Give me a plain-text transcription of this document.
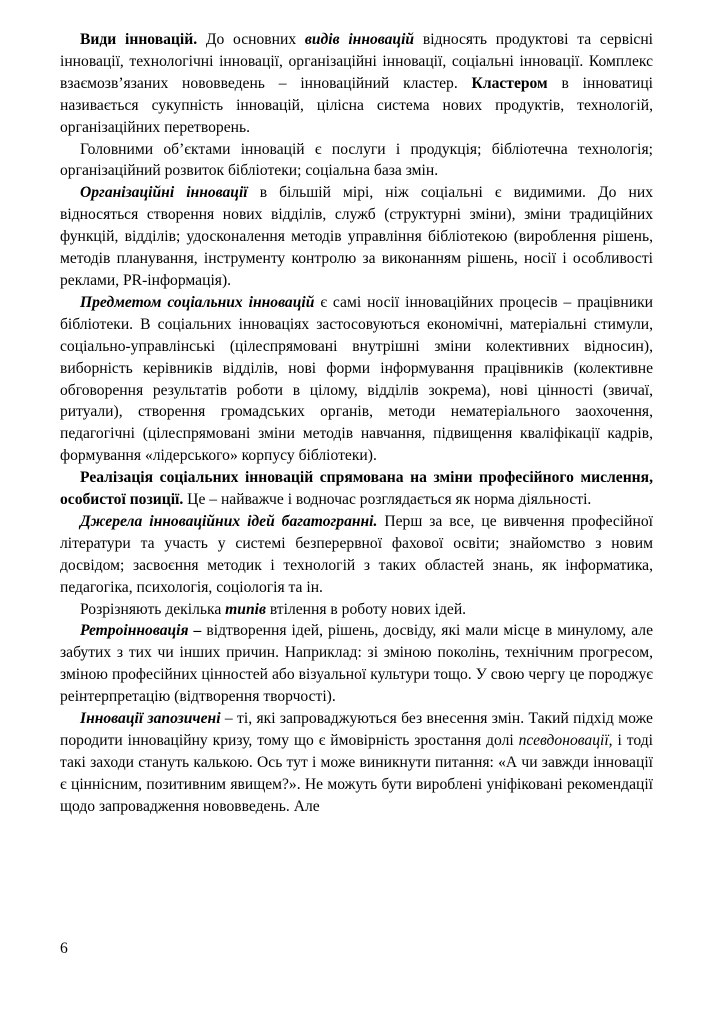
Види інновацій. До основних видів інновацій відносять продуктові та сервісні інновації, технологічні інновації, організаційні інновації, соціальні інновації. Комплекс взаємозв’язаних нововведень – інноваційний кластер. Кластером в інноватиці називається сукупність інновацій, цілісна система нових продуктів, технологій, організаційних перетворень.

Головними об’єктами інновацій є послуги і продукція; бібліотечна технологія; організаційний розвиток бібліотеки; соціальна база змін.

Організаційні інновації в більшій мірі, ніж соціальні є видимими. До них відносяться створення нових відділів, служб (структурні зміни), зміни традиційних функцій, відділів; удосконалення методів управління бібліотекою (вироблення рішень, методів планування, інструменту контролю за виконанням рішень, носії і особливості реклами, PR-інформація).

Предметом соціальних інновацій є самі носії інноваційних процесів – працівники бібліотеки. В соціальних інноваціях застосовуються економічні, матеріальні стимули, соціально-управлінські (цілеспрямовані внутрішні зміни колективних відносин), виборність керівників відділів, нові форми інформування працівників (колективне обговорення результатів роботи в цілому, відділів зокрема), нові цінності (звичаї, ритуали), створення громадських органів, методи нематеріального заохочення, педагогічні (цілеспрямовані зміни методів навчання, підвищення кваліфікації кадрів, формування «лідерського» корпусу бібліотеки).

Реалізація соціальних інновацій спрямована на зміни професійного мислення, особистої позиції. Це – найважче і водночас розглядається як норма діяльності.

Джерела інноваційних ідей багатогранні. Перш за все, це вивчення професійної літератури та участь у системі безперервної фахової освіти; знайомство з новим досвідом; засвоєння методик і технологій з таких областей знань, як інформатика, педагогіка, психологія, соціологія та ін.

Розрізняють декілька типів втілення в роботу нових ідей.

Ретроінновація – відтворення ідей, рішень, досвіду, які мали місце в минулому, але забутих з тих чи інших причин. Наприклад: зі зміною поколінь, технічним прогресом, зміною професійних цінностей або візуальної культури тощо. У свою чергу це породжує реінтерпретацію (відтворення творчості).

Інновації запозичені – ті, які запроваджуються без внесення змін. Такий підхід може породити інноваційну кризу, тому що є ймовірність зростання долі псевдоновації, і тоді такі заходи стануть калькою. Ось тут і може виникнути питання: «А чи завжди інновації є ціннісним, позитивним явищем?». Не можуть бути вироблені уніфіковані рекомендації щодо запровадження нововведень. Але

6
